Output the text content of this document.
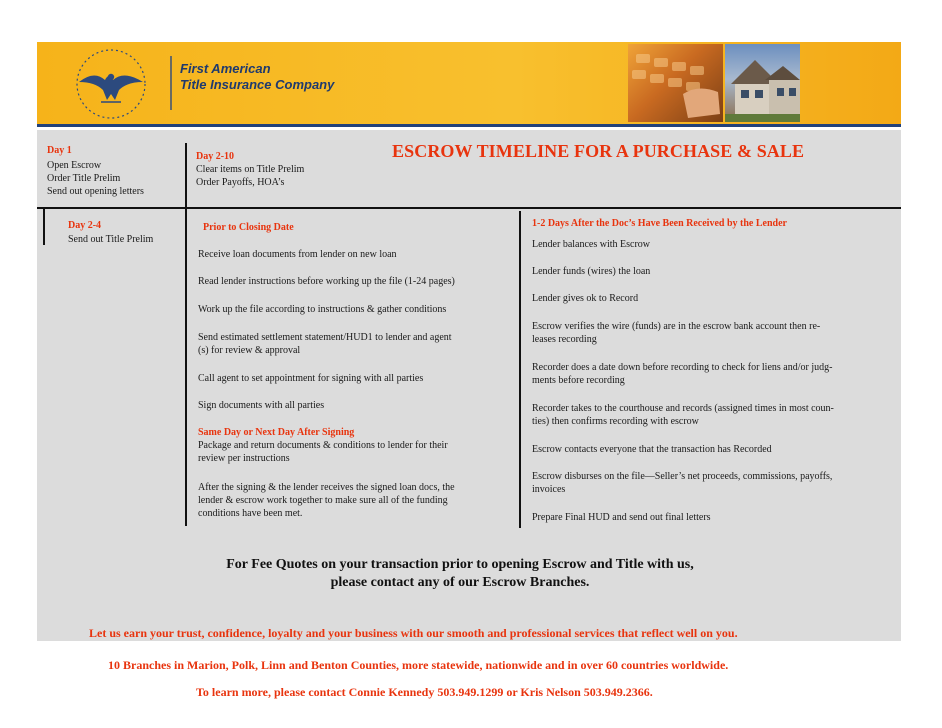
First American
Title Insurance Company
ESCROW TIMELINE FOR A PURCHASE & SALE
Day 1
Open Escrow
Order Title Prelim
Send out opening letters
Day 2-10
Clear items on Title Prelim
Order Payoffs, HOA’s
Day 2-4
Send out Title Prelim
Prior to Closing Date
Receive loan documents from lender on new loan
Read lender instructions before working up the file (1-24 pages)
Work up the file according to instructions & gather conditions
Send estimated settlement statement/HUD1 to lender and agent
(s) for review & approval
Call agent to set appointment for signing with all parties
Sign documents with all parties
Same Day or Next Day After Signing
Package and return documents & conditions to lender for their
review per instructions
After the signing & the lender receives the signed loan docs, the
lender & escrow work together to make sure all of the funding
conditions have been met.
1-2 Days After the Doc’s Have Been Received by the Lender
Lender balances with Escrow
Lender funds (wires) the loan
Lender gives ok to Record
Escrow verifies the wire (funds) are in the escrow bank account then re-
leases recording
Recorder does a date down before recording to check for liens and/or judg-
ments before recording
Recorder takes to the courthouse and records (assigned times in most coun-
ties) then confirms recording with escrow
Escrow contacts everyone that the transaction has Recorded
Escrow disburses on the file—Seller’s net proceeds, commissions, payoffs,
invoices
Prepare Final HUD and send out final letters
For Fee Quotes on your transaction prior to opening Escrow and Title with us,
please contact any of our Escrow Branches.
Let us earn your trust, confidence, loyalty and your business with our smooth and professional services that reflect well on you.
10 Branches in Marion, Polk, Linn and Benton Counties, more statewide, nationwide and in over 60 countries worldwide.
To learn more, please contact Connie Kennedy 503.949.1299 or Kris Nelson 503.949.2366.
